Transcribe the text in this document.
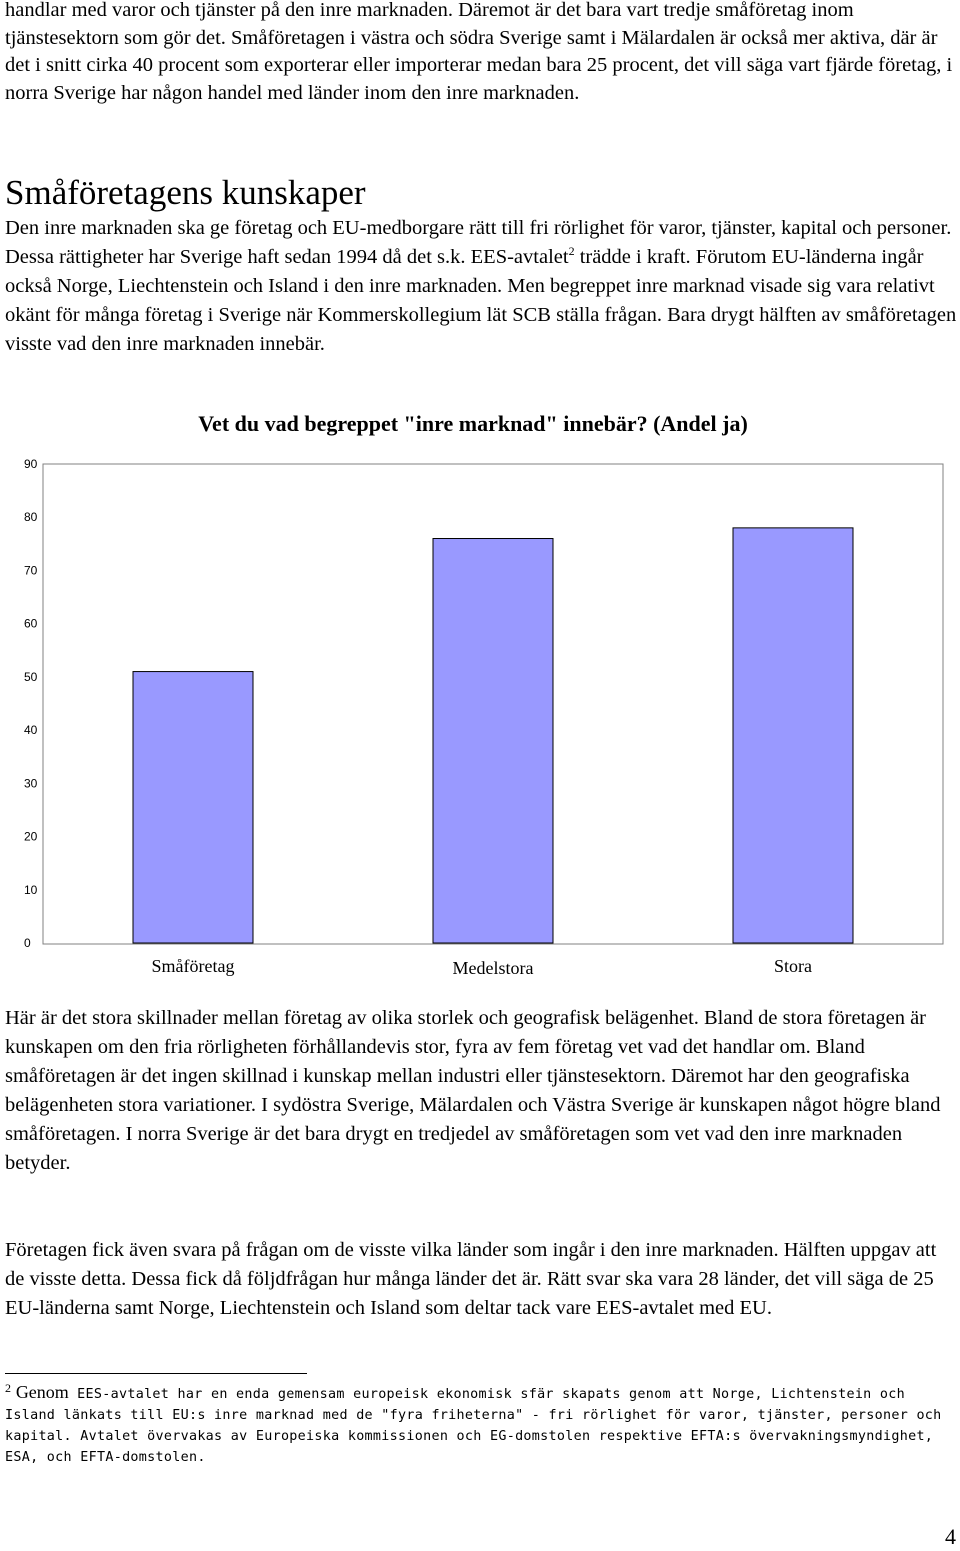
handlar med varor och tjänster på den inre marknaden. Däremot är det bara vart tredje småföretag inom tjänstesektorn som gör det. Småföretagen i västra och södra Sverige samt i Mälardalen är också mer aktiva, där är det i snitt cirka 40 procent som exporterar eller importerar medan bara 25 procent, det vill säga vart fjärde företag, i norra Sverige har någon handel med länder inom den inre marknaden.

Småföretagens kunskaper

Den inre marknaden ska ge företag och EU-medborgare rätt till fri rörlighet för varor, tjänster, kapital och personer. Dessa rättigheter har Sverige haft sedan 1994 då det s.k. EES-avtalet$^2$ trädde i kraft. Förutom EU-länderna ingår också Norge, Liechtenstein och Island i den inre marknaden. Men begreppet inre marknad visade sig vara relativt okänt för många företag i Sverige när Kommerskollegium lät SCB ställa frågan. Bara drygt hälften av småföretagen visste vad den inre marknaden innebär.

Vet du vad begreppet "inre marknad" innebär? (Andel ja)
90
80
70
60
50
40
30
20
10
0
Småföretag	Medelstora	Stora

Här är det stora skillnader mellan företag av olika storlek och geografisk belägenhet. Bland de stora företagen är kunskapen om den fria rörligheten förhållandevis stor, fyra av fem företag vet vad det handlar om. Bland småföretagen är det ingen skillnad i kunskap mellan industri eller tjänstesektorn. Däremot har den geografiska belägenheten stora variationer. I sydöstra Sverige, Mälardalen och Västra Sverige är kunskapen något högre bland småföretagen. I norra Sverige är det bara drygt en tredjedel av småföretagen som vet vad den inre marknaden betyder.

Företagen fick även svara på frågan om de visste vilka länder som ingår i den inre marknaden. Hälften uppgav att de visste detta. Dessa fick då följdfrågan hur många länder det är. Rätt svar ska vara 28 länder, det vill säga de 25 EU-länderna samt Norge, Liechtenstein och Island som deltar tack vare EES-avtalet med EU.

$^2$ Genom EES-avtalet har en enda gemensam europeisk ekonomisk sfär skapats genom att Norge, Lichtenstein och Island länkats till EU:s inre marknad med de "fyra friheterna" - fri rörlighet för varor, tjänster, personer och kapital. Avtalet övervakas av Europeiska kommissionen och EG-domstolen respektive EFTA:s övervakningsmyndighet, ESA, och EFTA-domstolen.

4
